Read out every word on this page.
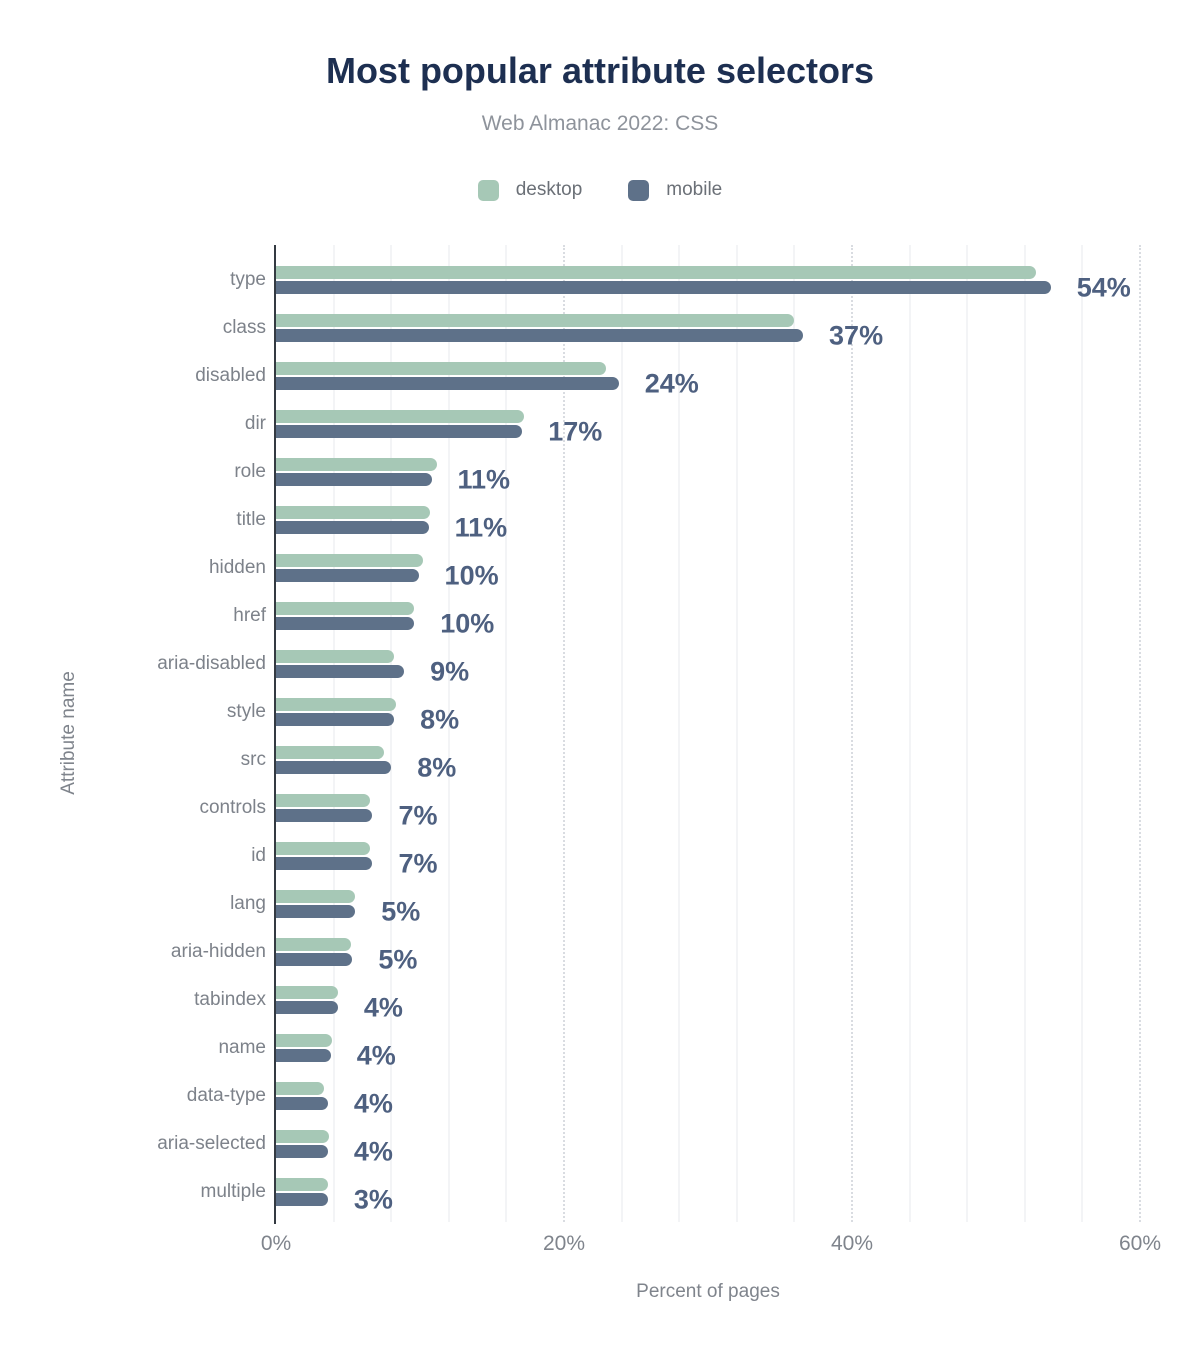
Most popular attribute selectors
Web Almanac 2022: CSS
desktop	mobile
0%	20%	40%	60%
type	54%
class	37%
disabled	24%
dir	17%
role	11%
title	11%
hidden	10%
href	10%
aria-disabled	9%
style	8%
src	8%
controls	7%
id	7%
lang	5%
aria-hidden	5%
tabindex	4%
name	4%
data-type	4%
aria-selected	4%
multiple	3%
Attribute name
Percent of pages
